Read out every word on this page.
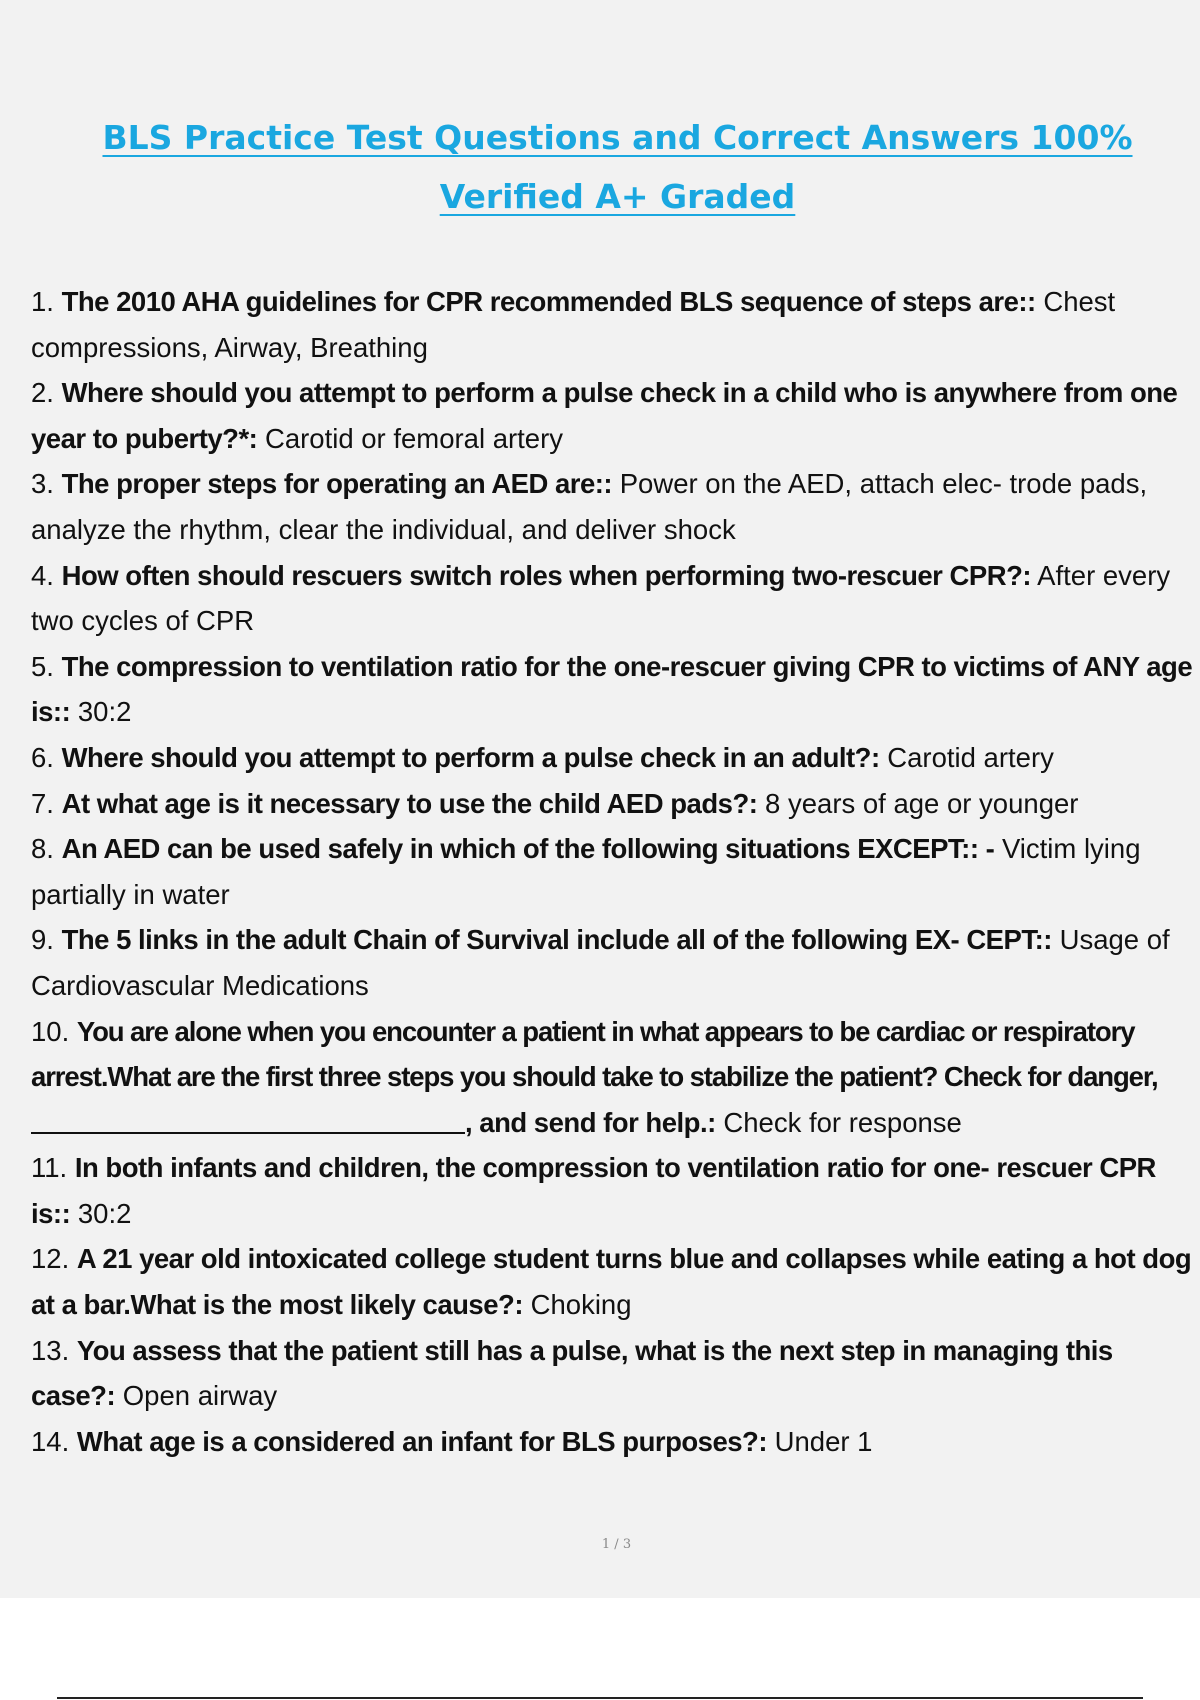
BLS Practice Test Questions and Correct Answers 100%
Verified A+ Graded

1. The 2010 AHA guidelines for CPR recommended BLS sequence of steps are:: Chest compressions, Airway, Breathing

2. Where should you attempt to perform a pulse check in a child who is anywhere from one year to puberty?*: Carotid or femoral artery

3. The proper steps for operating an AED are:: Power on the AED, attach elec- trode pads, analyze the rhythm, clear the individual, and deliver shock

4. How often should rescuers switch roles when performing two-rescuer CPR?: After every two cycles of CPR

5. The compression to ventilation ratio for the one-rescuer giving CPR to victims of ANY age is:: 30:2

6. Where should you attempt to perform a pulse check in an adult?: Carotid artery

7. At what age is it necessary to use the child AED pads?: 8 years of age or younger

8. An AED can be used safely in which of the following situations EXCEPT:: - Victim lying partially in water

9. The 5 links in the adult Chain of Survival include all of the following EX- CEPT:: Usage of Cardiovascular Medications

10. You are alone when you encounter a patient in what appears to be cardiac or respiratory arrest.What are the first three steps you should take to stabilize the patient? Check for danger, , and send for help.: Check for response

11. In both infants and children, the compression to ventilation ratio for one- rescuer CPR is:: 30:2

12. A 21 year old intoxicated college student turns blue and collapses while eating a hot dog at a bar.What is the most likely cause?: Choking

13. You assess that the patient still has a pulse, what is the next step in managing this case?: Open airway

14. What age is a considered an infant for BLS purposes?: Under 1

1 / 3
